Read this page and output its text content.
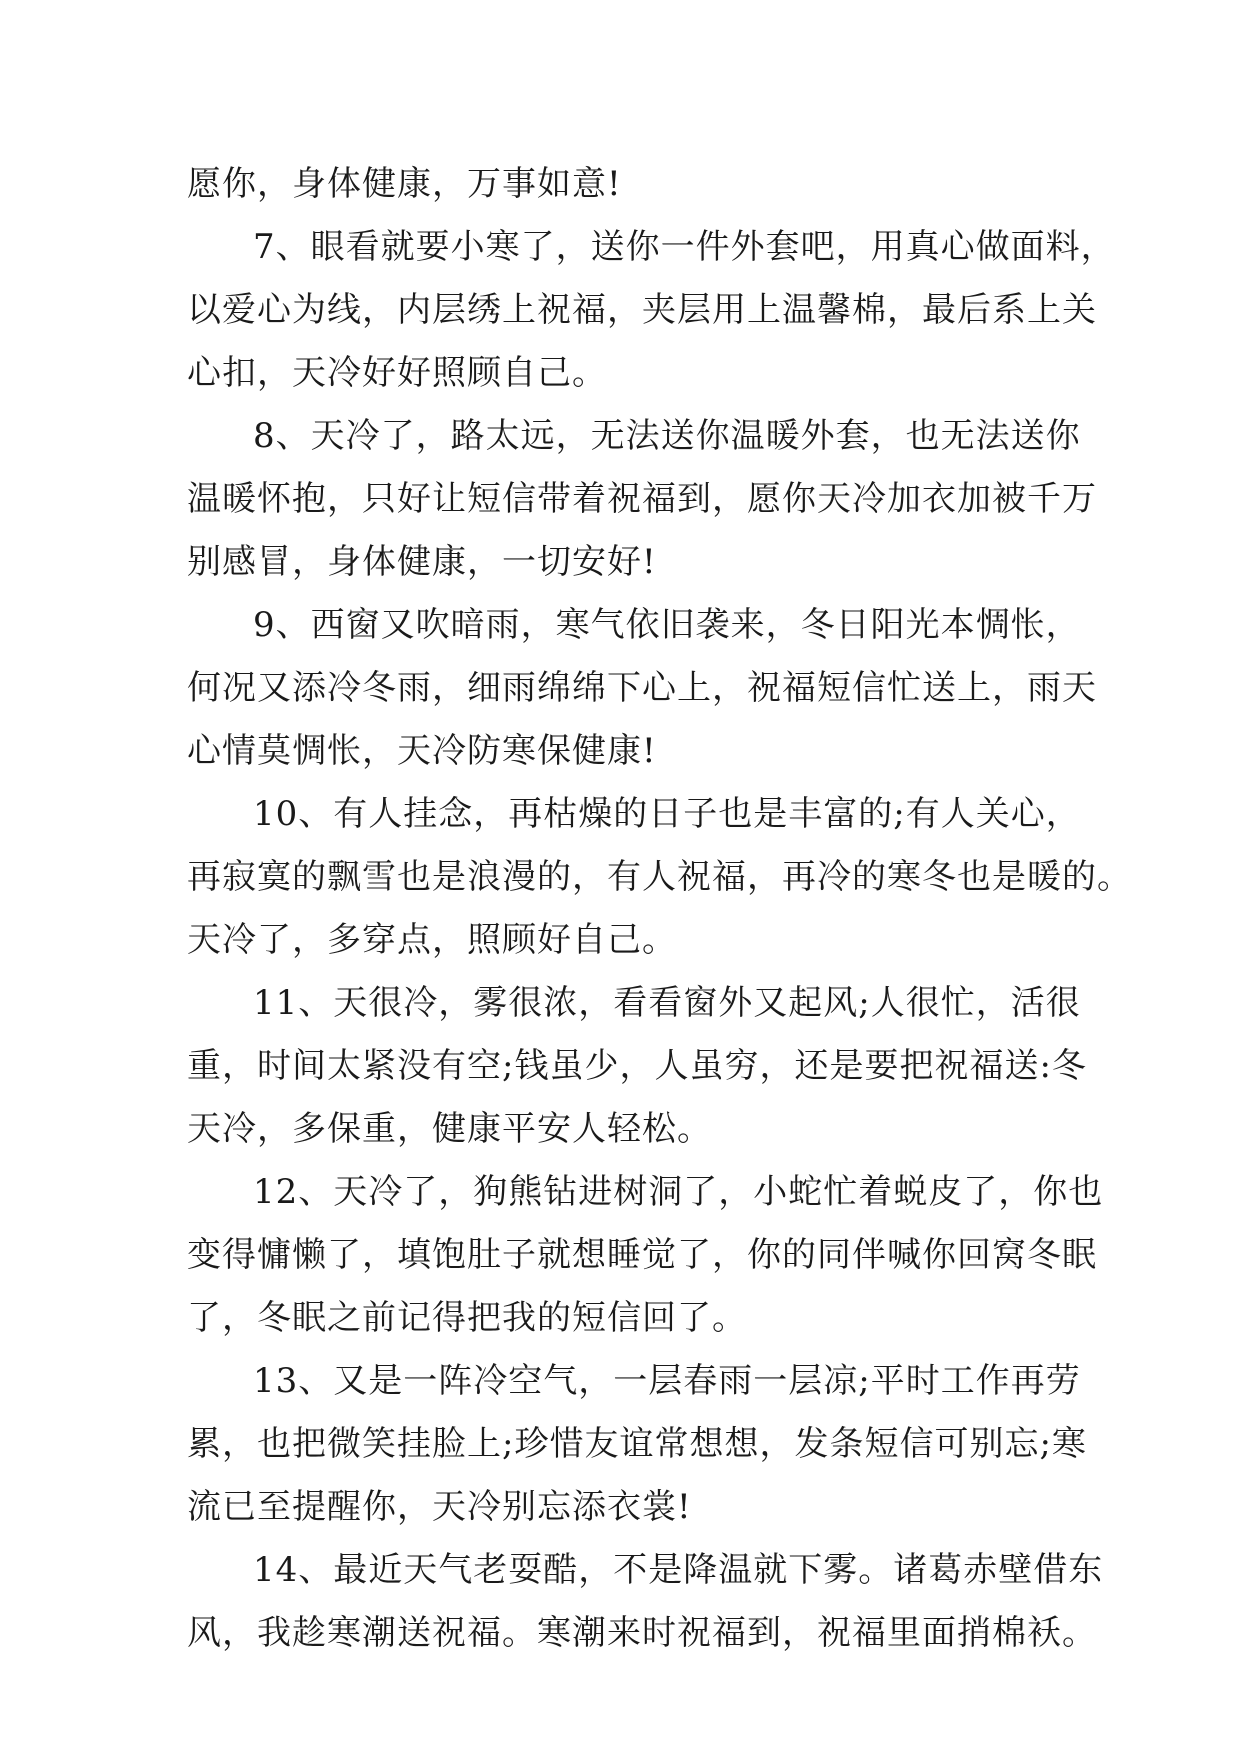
愿你，身体健康，万事如意!
7、眼看就要小寒了，送你一件外套吧，用真心做面料，
以爱心为线，内层绣上祝福，夹层用上温馨棉，最后系上关
心扣，天冷好好照顾自己。
8、天冷了，路太远，无法送你温暖外套，也无法送你
温暖怀抱，只好让短信带着祝福到，愿你天冷加衣加被千万
别感冒，身体健康，一切安好!
9、西窗又吹暗雨，寒气依旧袭来，冬日阳光本惆怅，
何况又添冷冬雨，细雨绵绵下心上，祝福短信忙送上，雨天
心情莫惆怅，天冷防寒保健康!
10、有人挂念，再枯燥的日子也是丰富的;有人关心，
再寂寞的飘雪也是浪漫的，有人祝福，再冷的寒冬也是暖的。
天冷了，多穿点，照顾好自己。
11、天很冷，雾很浓，看看窗外又起风;人很忙，活很
重，时间太紧没有空;钱虽少，人虽穷，还是要把祝福送:冬
天冷，多保重，健康平安人轻松。
12、天冷了，狗熊钻进树洞了，小蛇忙着蜕皮了，你也
变得慵懒了，填饱肚子就想睡觉了，你的同伴喊你回窝冬眠
了，冬眠之前记得把我的短信回了。
13、又是一阵冷空气，一层春雨一层凉;平时工作再劳
累，也把微笑挂脸上;珍惜友谊常想想，发条短信可别忘;寒
流已至提醒你，天冷别忘添衣裳!
14、最近天气老耍酷，不是降温就下雾。诸葛赤壁借东
风，我趁寒潮送祝福。寒潮来时祝福到，祝福里面捎棉袄。
